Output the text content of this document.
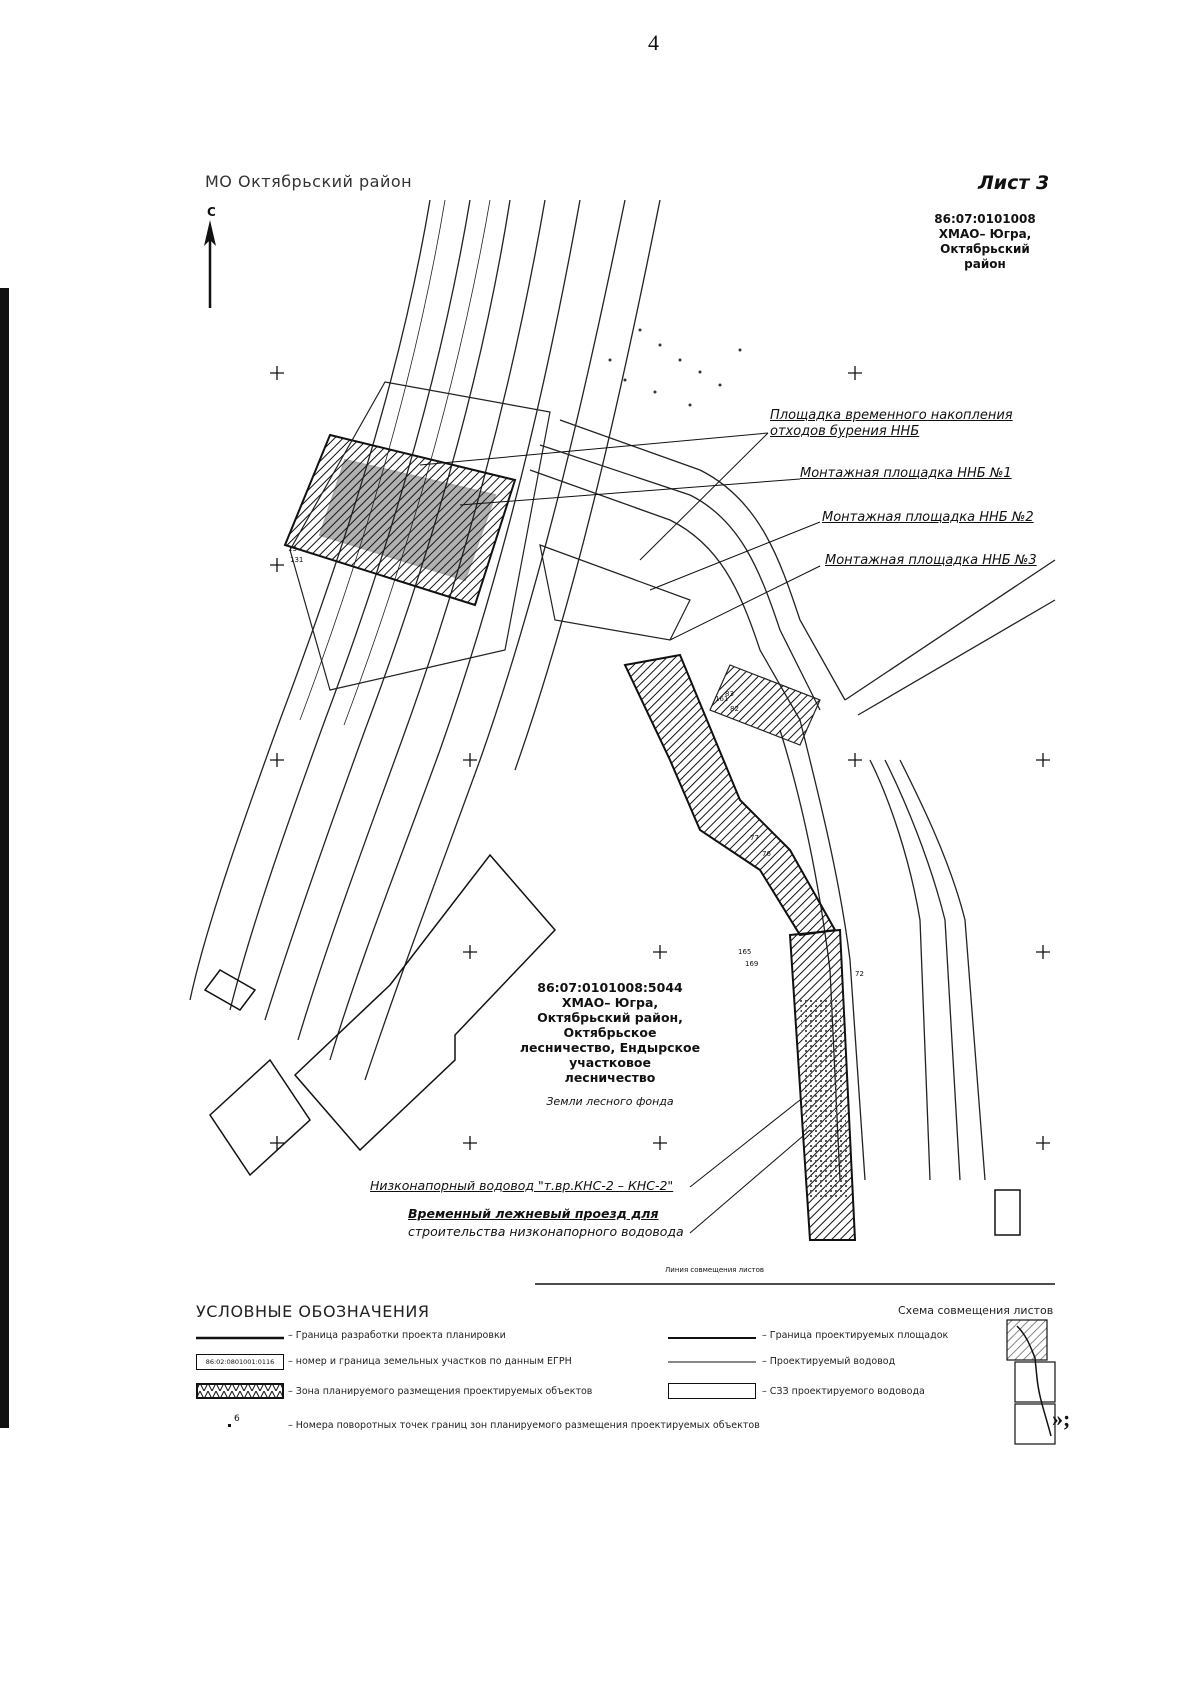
4
МО Октябрьский район	Лист 3
86:07:0101008
ХМАО– Югра,
Октябрьский
район
С
Площадка временного накопления
отходов бурения ННБ
Монтажная площадка ННБ №1
Монтажная площадка ННБ №2
Монтажная площадка ННБ №3
165
169
72
76
77
83
82
161
131
13
86:07:0101008:5044
ХМАО– Югра,
Октябрьский район,
Октябрьское
лесничество, Ендырское
участковое
лесничество
Земли лесного фонда
Низконапорный водовод "т.вр.КНС-2 – КНС-2"
Временный лежневый проезд для
строительства низконапорного водовода
Линия совмещения листов
УСЛОВНЫЕ ОБОЗНАЧЕНИЯ	Схема совмещения листов
– Граница разработки проекта планировки
86:02:0801001:0116	– номер и граница земельных участков по данным ЕГРН
– Зона планируемого размещения проектируемых объектов
6
– Номера поворотных точек границ зон планируемого размещения проектируемых объектов
– Граница проектируемых площадок
– Проектируемый водовод
– СЗЗ проектируемого водовода
»;
